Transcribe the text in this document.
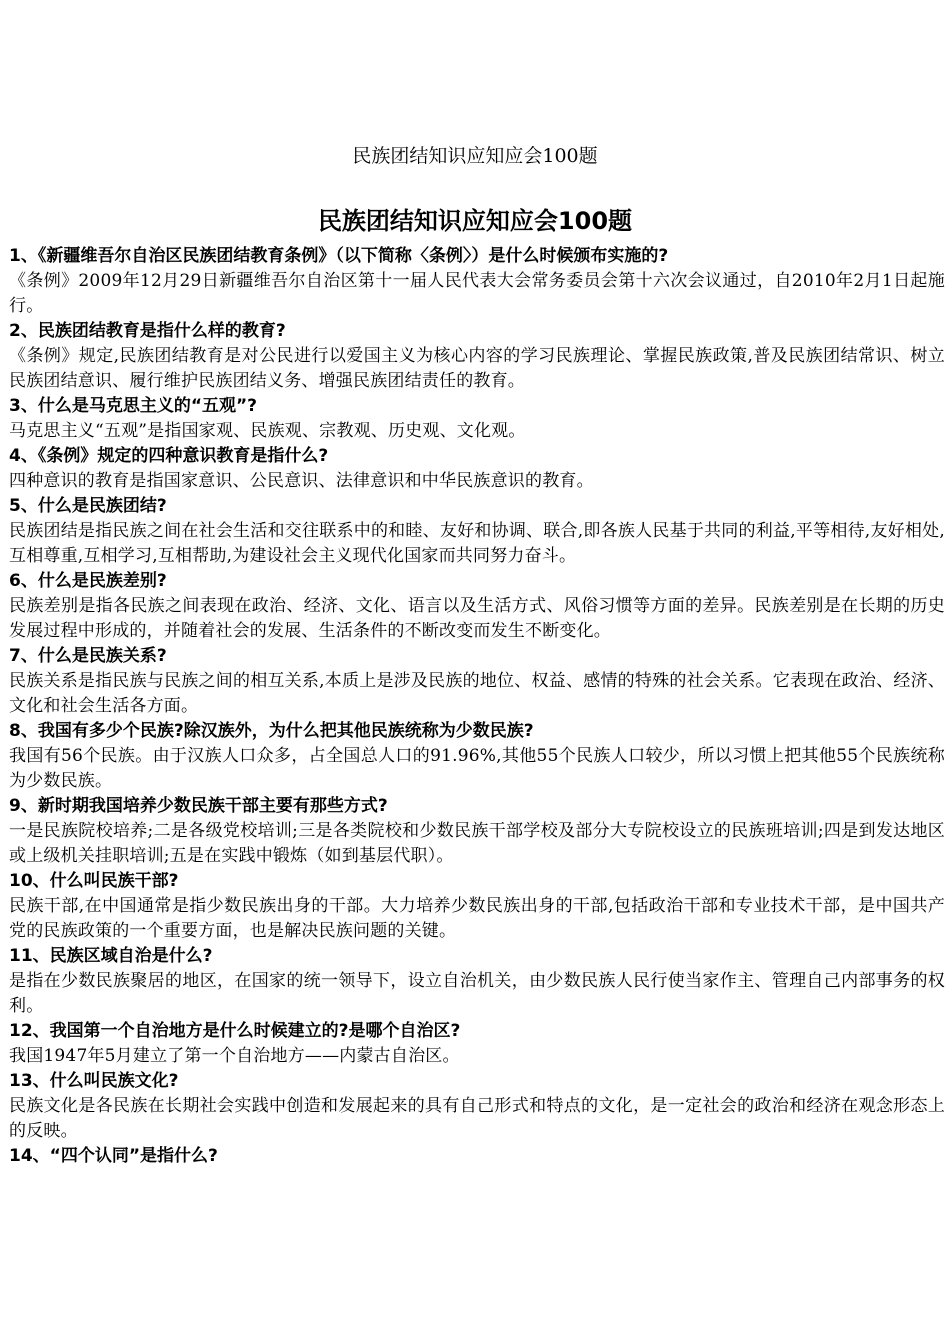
民族团结知识应知应会100题
民族团结知识应知应会100题
1、《新疆维吾尔自治区民族团结教育条例》（以下简称〈条例〉）是什么时候颁布实施的?
《条例》2009年12月29日新疆维吾尔自治区第十一届人民代表大会常务委员会第十六次会议通过，自2010年2月1日起施行。
2、民族团结教育是指什么样的教育?
《条例》规定,民族团结教育是对公民进行以爱国主义为核心内容的学习民族理论、掌握民族政策,普及民族团结常识、树立民族团结意识、履行维护民族团结义务、增强民族团结责任的教育。
3、什么是马克思主义的“五观”?
马克思主义“五观”是指国家观、民族观、宗教观、历史观、文化观。
4、《条例》规定的四种意识教育是指什么?
四种意识的教育是指国家意识、公民意识、法律意识和中华民族意识的教育。
5、什么是民族团结?
民族团结是指民族之间在社会生活和交往联系中的和睦、友好和协调、联合,即各族人民基于共同的利益,平等相待,友好相处,互相尊重,互相学习,互相帮助,为建设社会主义现代化国家而共同努力奋斗。
6、什么是民族差别?
民族差别是指各民族之间表现在政治、经济、文化、语言以及生活方式、风俗习惯等方面的差异。民族差别是在长期的历史发展过程中形成的，并随着社会的发展、生活条件的不断改变而发生不断变化。
7、什么是民族关系?
民族关系是指民族与民族之间的相互关系,本质上是涉及民族的地位、权益、感情的特殊的社会关系。它表现在政治、经济、文化和社会生活各方面。
8、我国有多少个民族?除汉族外，为什么把其他民族统称为少数民族?
我国有56个民族。由于汉族人口众多，占全国总人口的91.96%,其他55个民族人口较少，所以习惯上把其他55个民族统称为少数民族。
9、新时期我国培养少数民族干部主要有那些方式?
一是民族院校培养;二是各级党校培训;三是各类院校和少数民族干部学校及部分大专院校设立的民族班培训;四是到发达地区或上级机关挂职培训;五是在实践中锻炼（如到基层代职）。
10、什么叫民族干部?
民族干部,在中国通常是指少数民族出身的干部。大力培养少数民族出身的干部,包括政治干部和专业技术干部，是中国共产党的民族政策的一个重要方面，也是解决民族问题的关键。
11、民族区域自治是什么?
是指在少数民族聚居的地区，在国家的统一领导下，设立自治机关，由少数民族人民行使当家作主、管理自己内部事务的权利。
12、我国第一个自治地方是什么时候建立的?是哪个自治区?
我国1947年5月建立了第一个自治地方——内蒙古自治区。
13、什么叫民族文化?
民族文化是各民族在长期社会实践中创造和发展起来的具有自己形式和特点的文化，是一定社会的政治和经济在观念形态上的反映。
14、“四个认同”是指什么?
